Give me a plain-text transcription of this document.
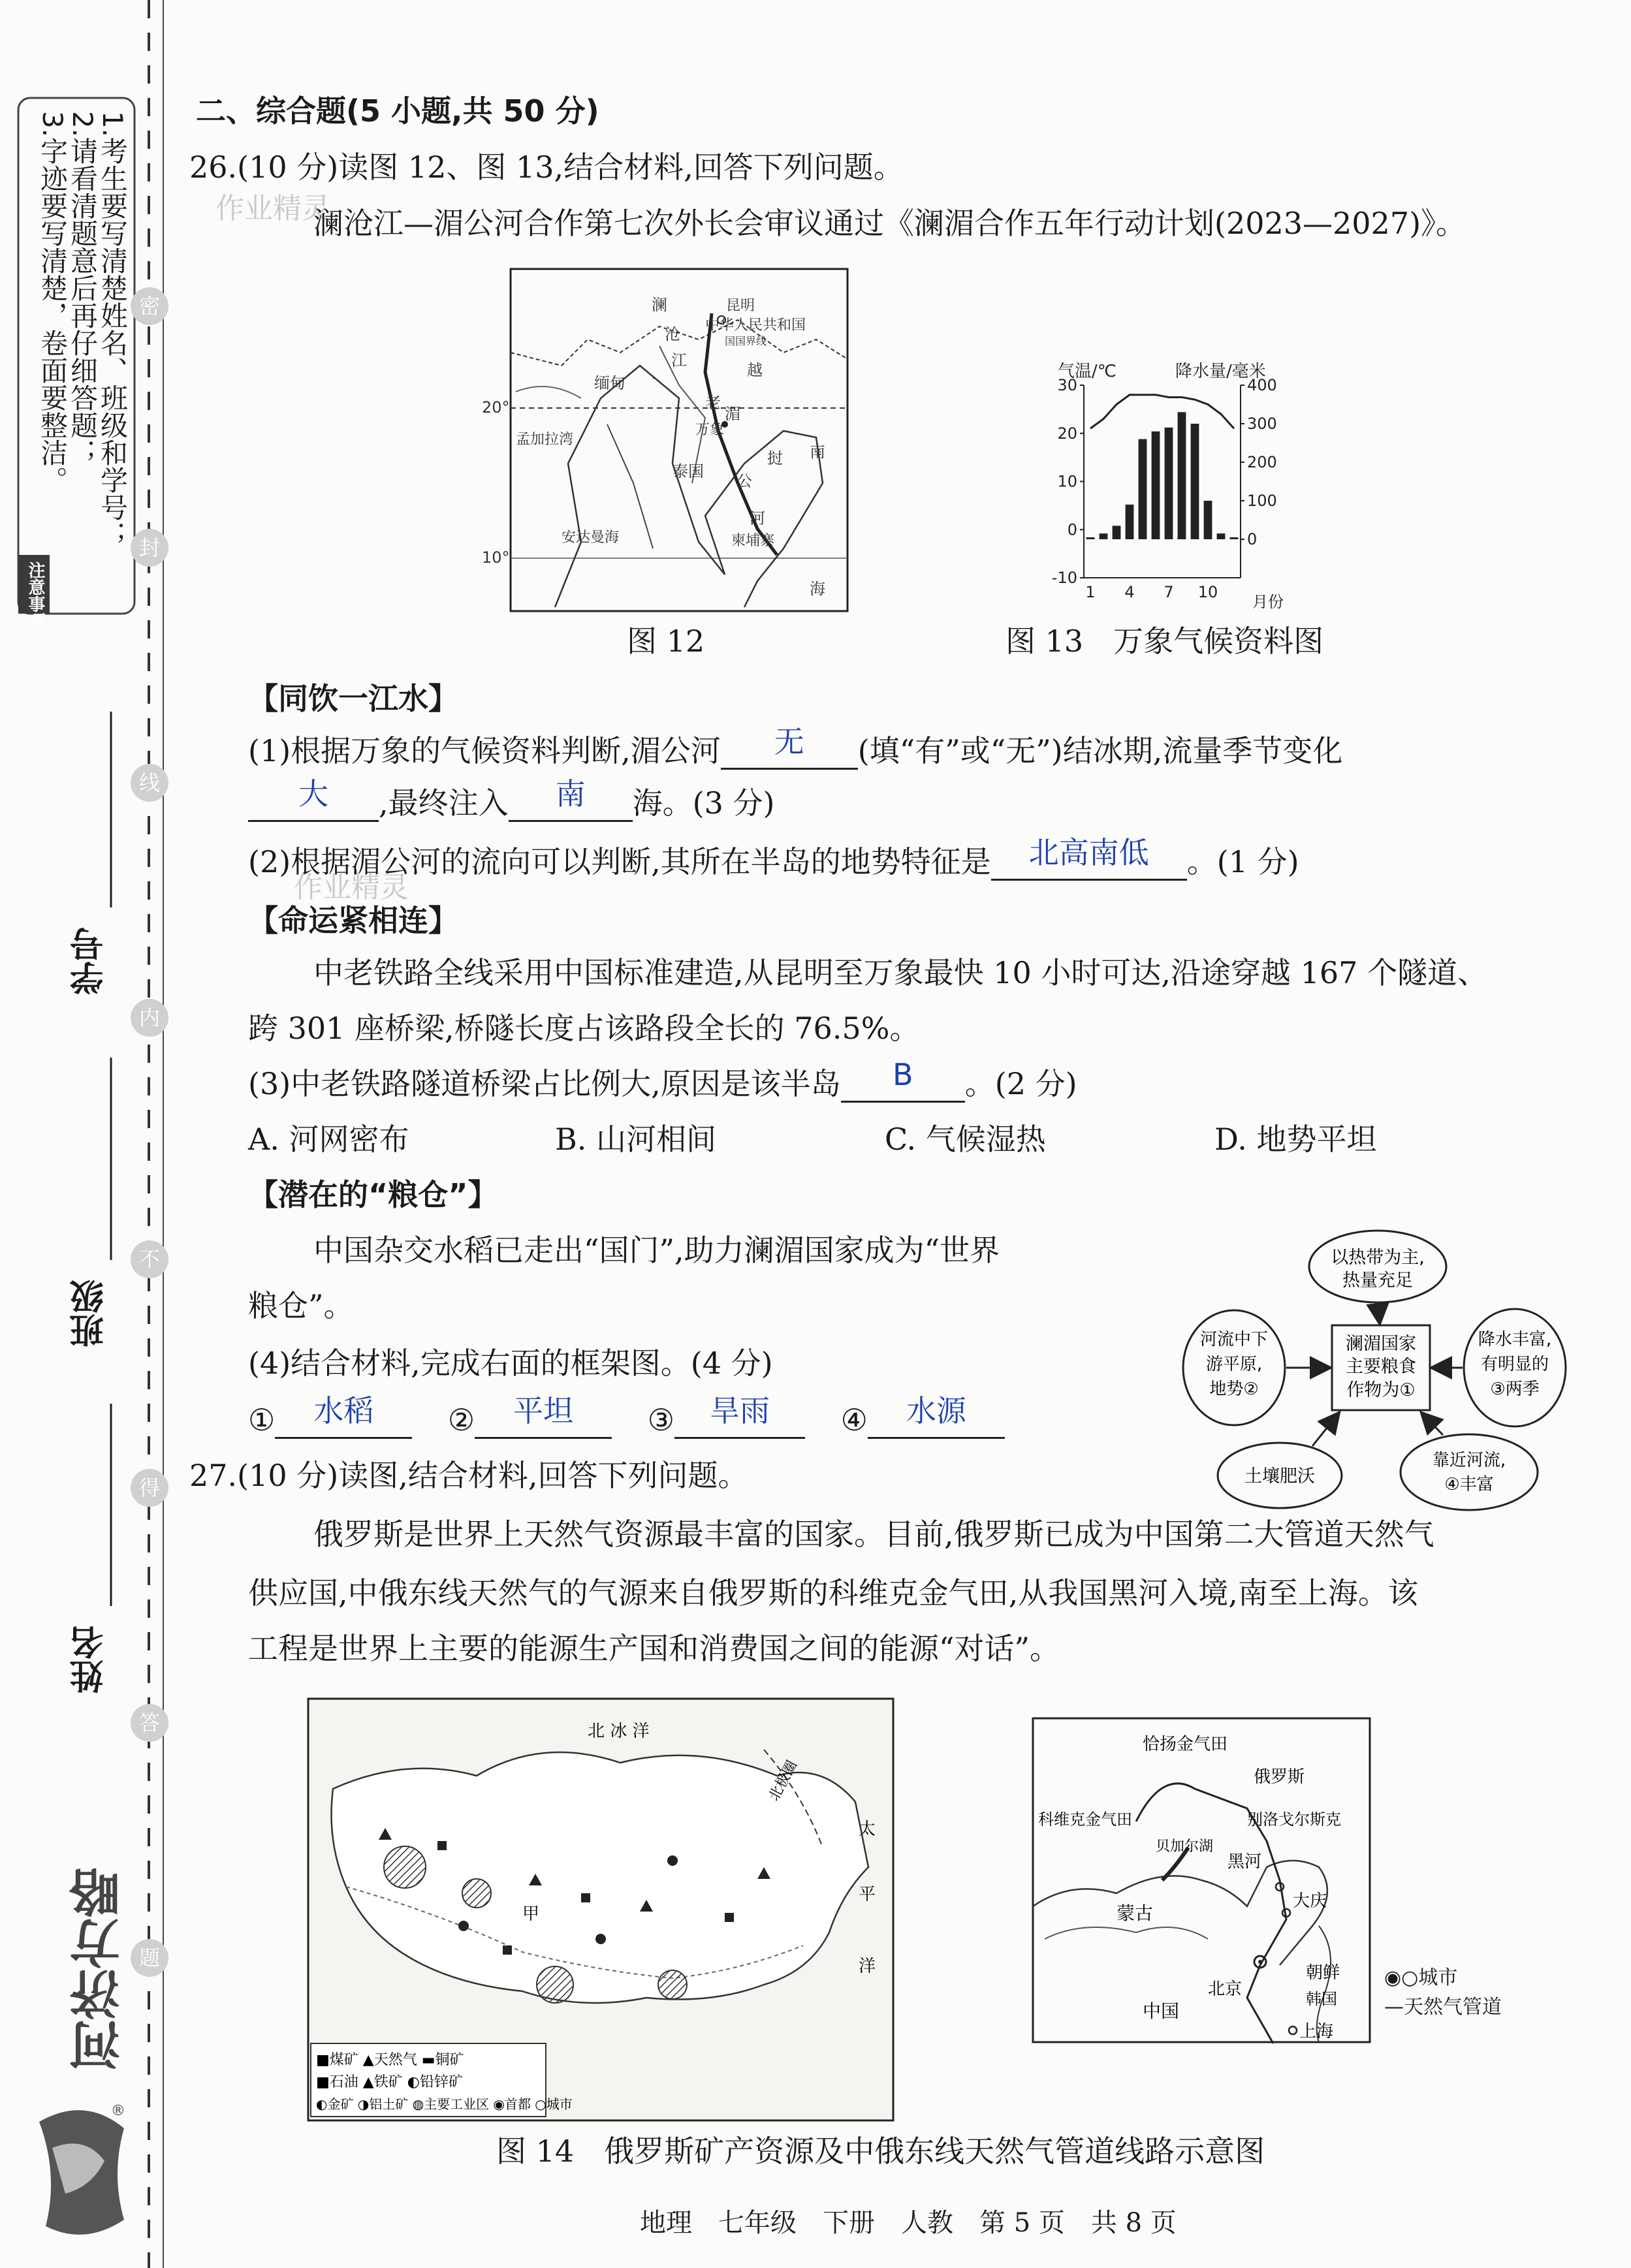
注意事项
1.考生要写清楚姓名、班级和学号；
2.请看清题意后再仔细答题；
3.字迹要写清楚，卷面要整洁。	密
封
线
内
不
得
答
题
学号
班级
姓名
河济方略
®
二、综合题(5 小题,共 50 分)
26.(10 分)读图 12、图 13,结合材料,回答下列问题。
作业精灵
澜沧江—湄公河合作第七次外长会审议通过《澜湄合作五年行动计划(2023—2027)》。
·
20°
10°
澜	昆明
中华人民共和国
国国界线
沧
江
越
缅甸
老
万象
湄
南
孟加拉湾
泰国
公
挝
河
柬埔寨
安达曼海
海
图 12
气温/℃	降水量/毫米
-10
0
10
20
30
0
100
200
300
400
1 4 7 10
月份
图 13　万象气候资料图
【同饮一江水】
(1)根据万象的气候资料判断,湄公河 无 (填“有”或“无”)结冰期,流量季节变化
大 ,最终注入 南 海。(3 分)
(2)根据湄公河的流向可以判断,其所在半岛的地势特征是 北高南低 。(1 分)
作业精灵
【命运紧相连】
中老铁路全线采用中国标准建造,从昆明至万象最快 10 小时可达,沿途穿越 167 个隧道、
跨 301 座桥梁,桥隧长度占该路段全长的 76.5%。
(3)中老铁路隧道桥梁占比例大,原因是该半岛 B 。(2 分)
A. 河网密布	B. 山河相间	C. 气候湿热	D. 地势平坦
【潜在的“粮仓”】
中国杂交水稻已走出“国门”,助力澜湄国家成为“世界
粮仓”。
(4)结合材料,完成右面的框架图。(4 分)
① 水稻 ② 平坦 ③ 旱雨 ④ 水源
以热带为主,
热量充足
澜湄国家
主要粮食
作物为①
河流中下
游平原,
地势②
降水丰富,
有明显的
③两季
土壤肥沃
靠近河流,
④丰富
27.(10 分)读图,结合材料,回答下列问题。
俄罗斯是世界上天然气资源最丰富的国家。目前,俄罗斯已成为中国第二大管道天然气
供应国,中俄东线天然气的气源来自俄罗斯的科维克金气田,从我国黑河入境,南至上海。该
工程是世界上主要的能源生产国和消费国之间的能源“对话”。
北 冰 洋
北极圈
太
平
洋
甲
■煤矿 ▲天然气 ▬铜矿
■石油 ▲铁矿 ◐铅锌矿
◐金矿 ◑铝土矿 ◍主要工业区 ◉首都 ○城市
恰扬金气田
俄罗斯
科维克金气田	别洛戈尔斯克
贝加尔湖
黑河
蒙古
大庆
朝鲜
北京	韩国
中国
上海
◉○城市
—天然气管道
图 14　俄罗斯矿产资源及中俄东线天然气管道线路示意图
地理　七年级　下册　人教　第 5 页　共 8 页
